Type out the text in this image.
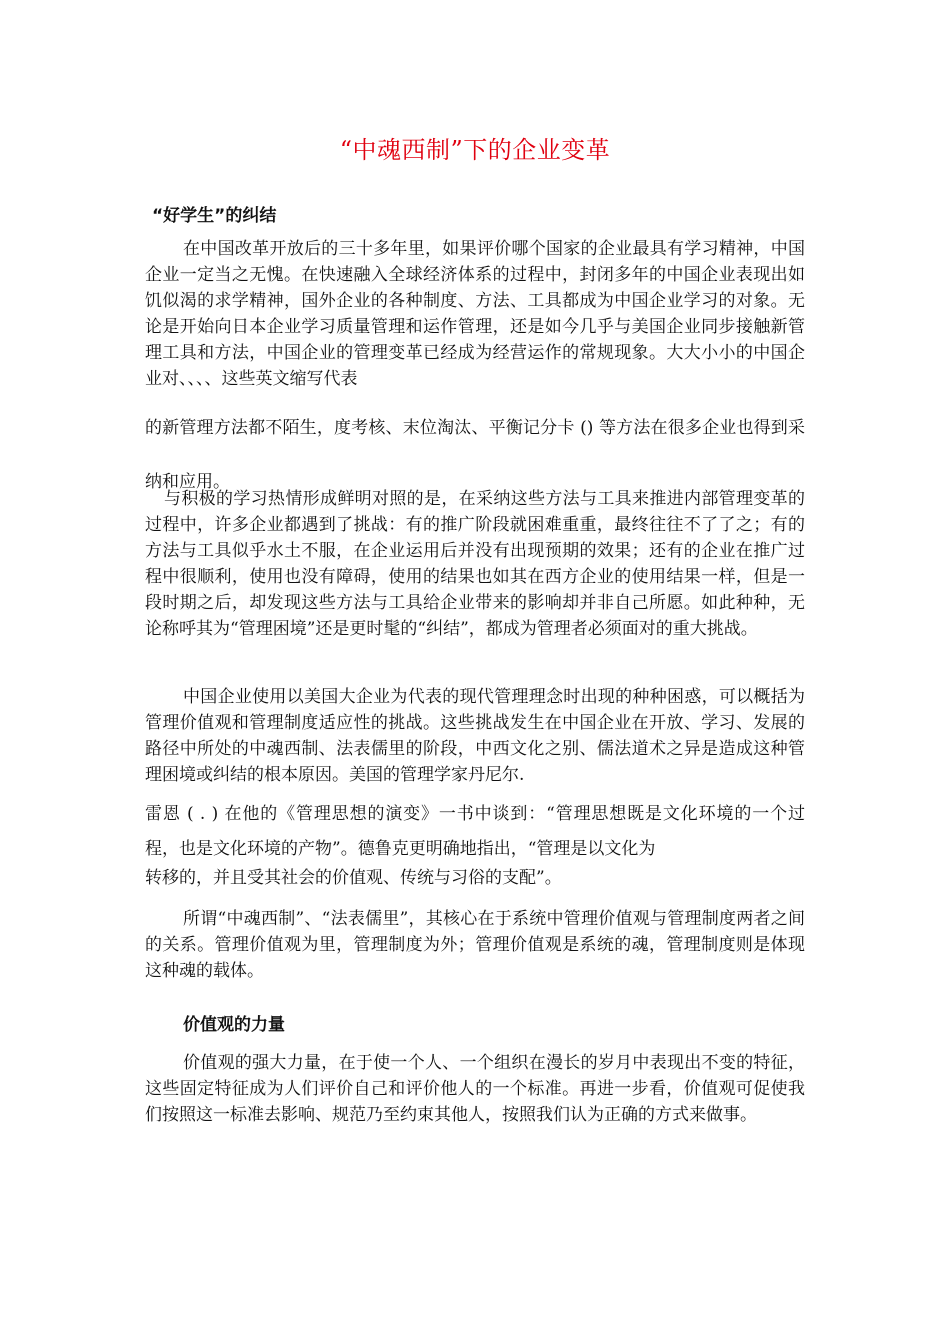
“中魂西制”下的企业变革
“好学生”的纠结

在中国改革开放后的三十多年里，如果评价哪个国家的企业最具有学习精神，中国企业一定当之无愧。在快速融入全球经济体系的过程中，封闭多年的中国企业表现出如饥似渴的求学精神，国外企业的各种制度、方法、工具都成为中国企业学习的对象。无论是开始向日本企业学习质量管理和运作管理，还是如今几乎与美国企业同步接触新管理工具和方法，中国企业的管理变革已经成为经营运作的常规现象。大大小小的中国企业对、、、、这些英文缩写代表

的新管理方法都不陌生，度考核、末位淘汰、平衡记分卡 () 等方法在很多企业也得到采纳和应用。

与积极的学习热情形成鲜明对照的是，在采纳这些方法与工具来推进内部管理变革的过程中，许多企业都遇到了挑战：有的推广阶段就困难重重，最终往往不了了之；有的方法与工具似乎水土不服，在企业运用后并没有出现预期的效果；还有的企业在推广过程中很顺利，使用也没有障碍，使用的结果也如其在西方企业的使用结果一样，但是一段时期之后，却发现这些方法与工具给企业带来的影响却并非自己所愿。如此种种，无论称呼其为“管理困境”还是更时髦的“纠结”，都成为管理者必须面对的重大挑战。

中国企业使用以美国大企业为代表的现代管理理念时出现的种种困惑，可以概括为管理价值观和管理制度适应性的挑战。这些挑战发生在中国企业在开放、学习、发展的路径中所处的中魂西制、法表儒里的阶段，中西文化之别、儒法道术之异是造成这种管理困境或纠结的根本原因。美国的管理学家丹尼尔.

雷恩 ( . ) 在他的《管理思想的演变》一书中谈到：“管理思想既是文化环境的一个过程，也是文化环境的产物”。德鲁克更明确地指出，“管理是以文化为

转移的，并且受其社会的价值观、传统与习俗的支配”。

所谓“中魂西制”、“法表儒里”，其核心在于系统中管理价值观与管理制度两者之间的关系。管理价值观为里，管理制度为外；管理价值观是系统的魂，管理制度则是体现这种魂的载体。

价值观的力量

价值观的强大力量，在于使一个人、一个组织在漫长的岁月中表现出不变的特征，这些固定特征成为人们评价自己和评价他人的一个标准。再进一步看，价值观可促使我们按照这一标准去影响、规范乃至约束其他人，按照我们认为正确的方式来做事。
